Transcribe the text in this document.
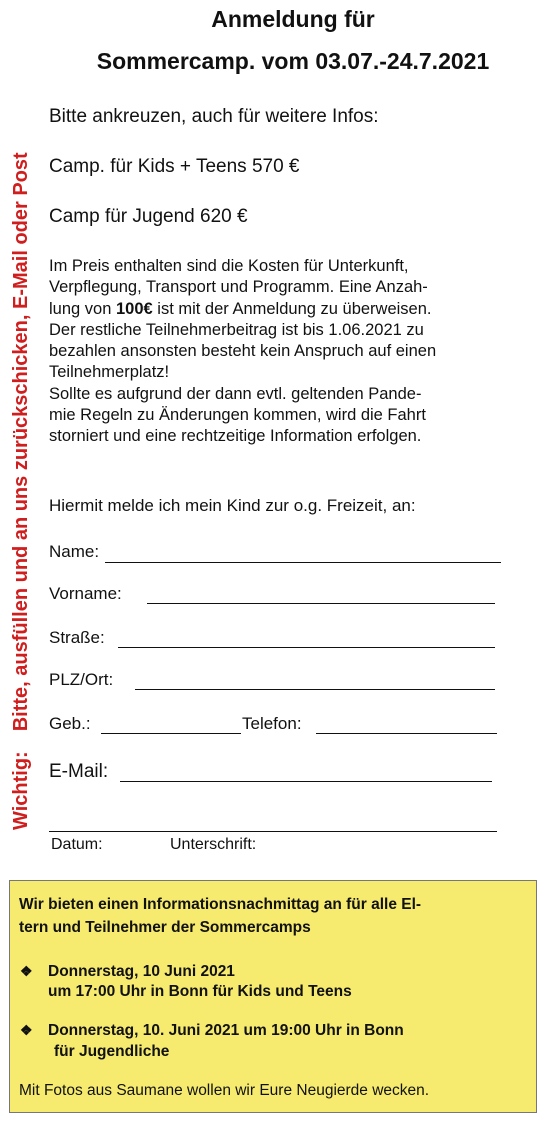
Wichtig:Bitte, ausfüllen und an uns zurückschicken, E-Mail oder Post
Anmeldung für
Sommercamp. vom 03.07.-24.7.2021
Bitte ankreuzen, auch für weitere Infos:
Camp. für Kids + Teens 570 €
Camp für Jugend 620 €

Im Preis enthalten sind die Kosten für Unterkunft,

Verpflegung, Transport und Programm. Eine Anzah-

lung von 100€ ist mit der Anmeldung zu überweisen.

Der restliche Teilnehmerbeitrag ist bis 1.06.2021 zu

bezahlen ansonsten besteht kein Anspruch auf einen

Teilnehmerplatz!

Sollte es aufgrund der dann evtl. geltenden Pande-

mie Regeln zu Änderungen kommen, wird die Fahrt

storniert und eine rechtzeitige Information erfolgen.

Hiermit melde ich mein Kind zur o.g. Freizeit, an:
Name:
Vorname:
Straße:
PLZ/Ort:
Geb.:	Telefon:
E-Mail:
Datum:	Unterschrift:
Wir bieten einen Informationsnachmittag an für alle El-
tern und Teilnehmer der Sommercamps
❖ Donnerstag, 10 Juni 2021
um 17:00 Uhr in Bonn für Kids und Teens
❖ Donnerstag, 10. Juni 2021 um 19:00 Uhr in Bonn
für Jugendliche
Mit Fotos aus Saumane wollen wir Eure Neugierde wecken.
